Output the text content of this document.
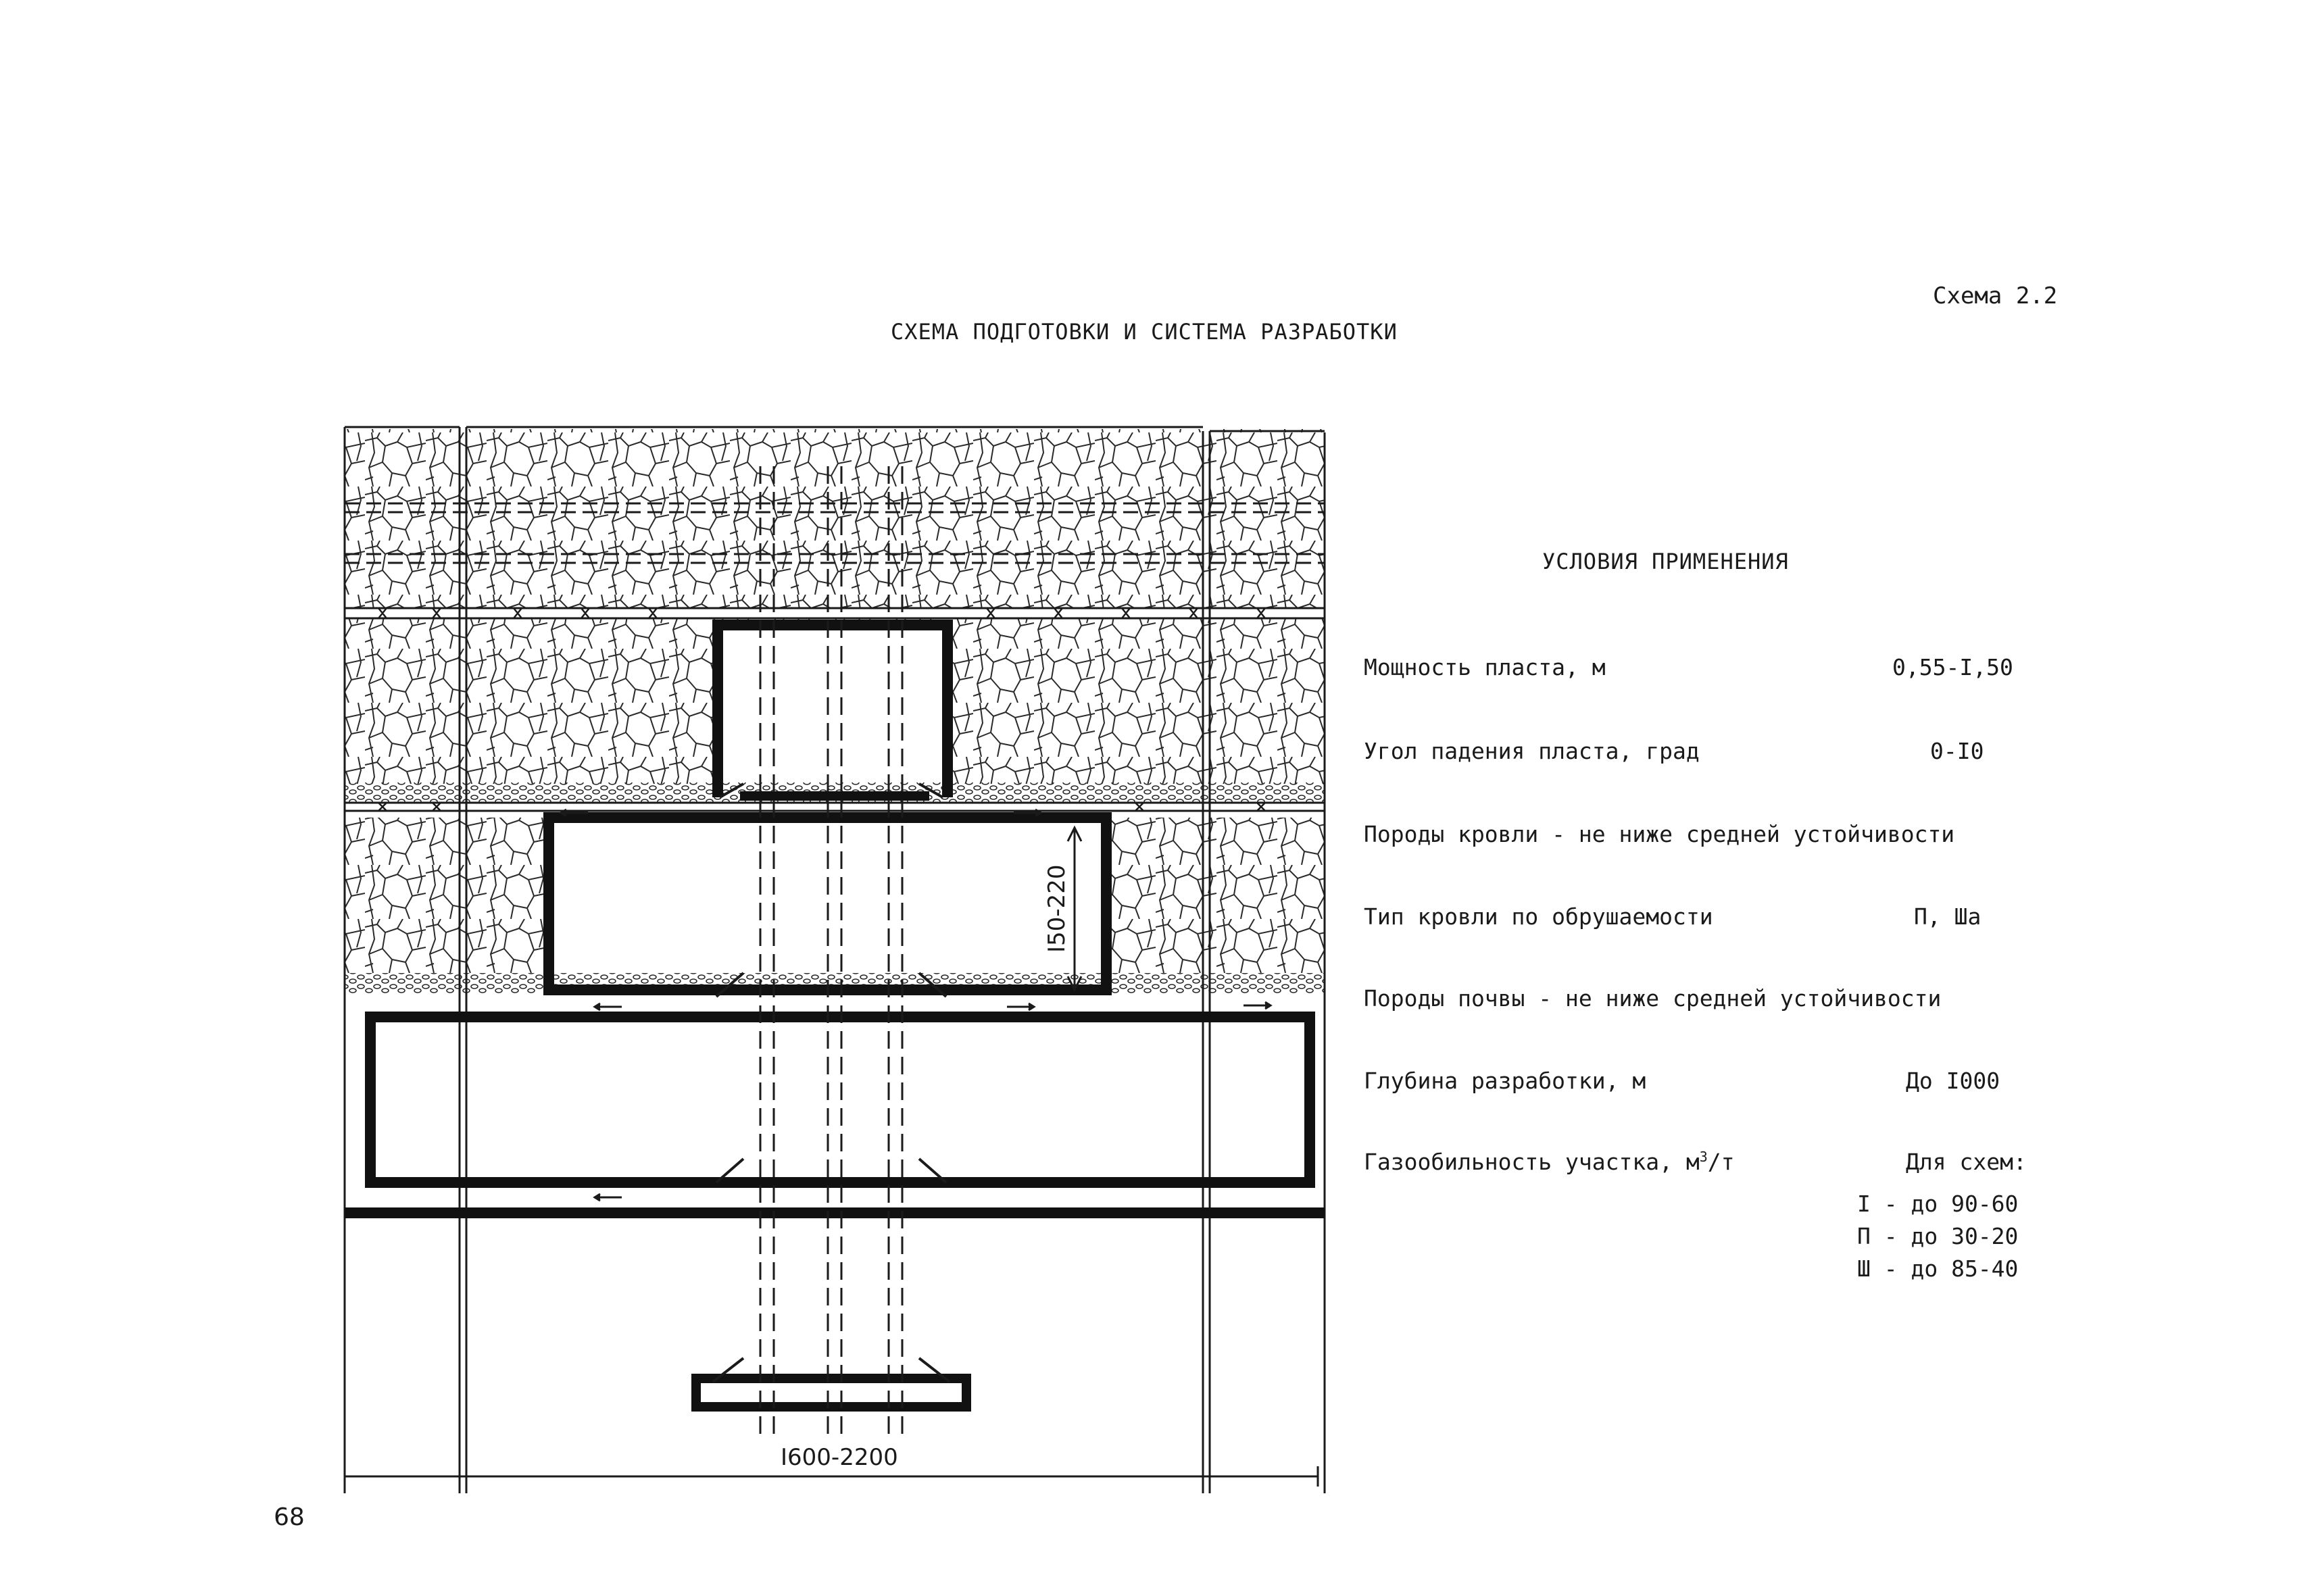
I50-220
I600-2200
Схема 2.2
СХЕМА ПОДГОТОВКИ И СИСТЕМА РАЗРАБОТКИ
УСЛОВИЯ ПРИМЕНЕНИЯ
Мощность пласта, м	0,55-I,50
Угол падения пласта, град	0-I0
Породы кровли - не ниже средней устойчивости
Тип кровли по обрушаемости	П, Ша
Породы почвы - не ниже средней устойчивости
Глубина разработки, м	До I000
Газообильность участка, $м^3/т$	Для схем:
I - до 90-60
П - до 30-20
Ш - до 85-40
68
